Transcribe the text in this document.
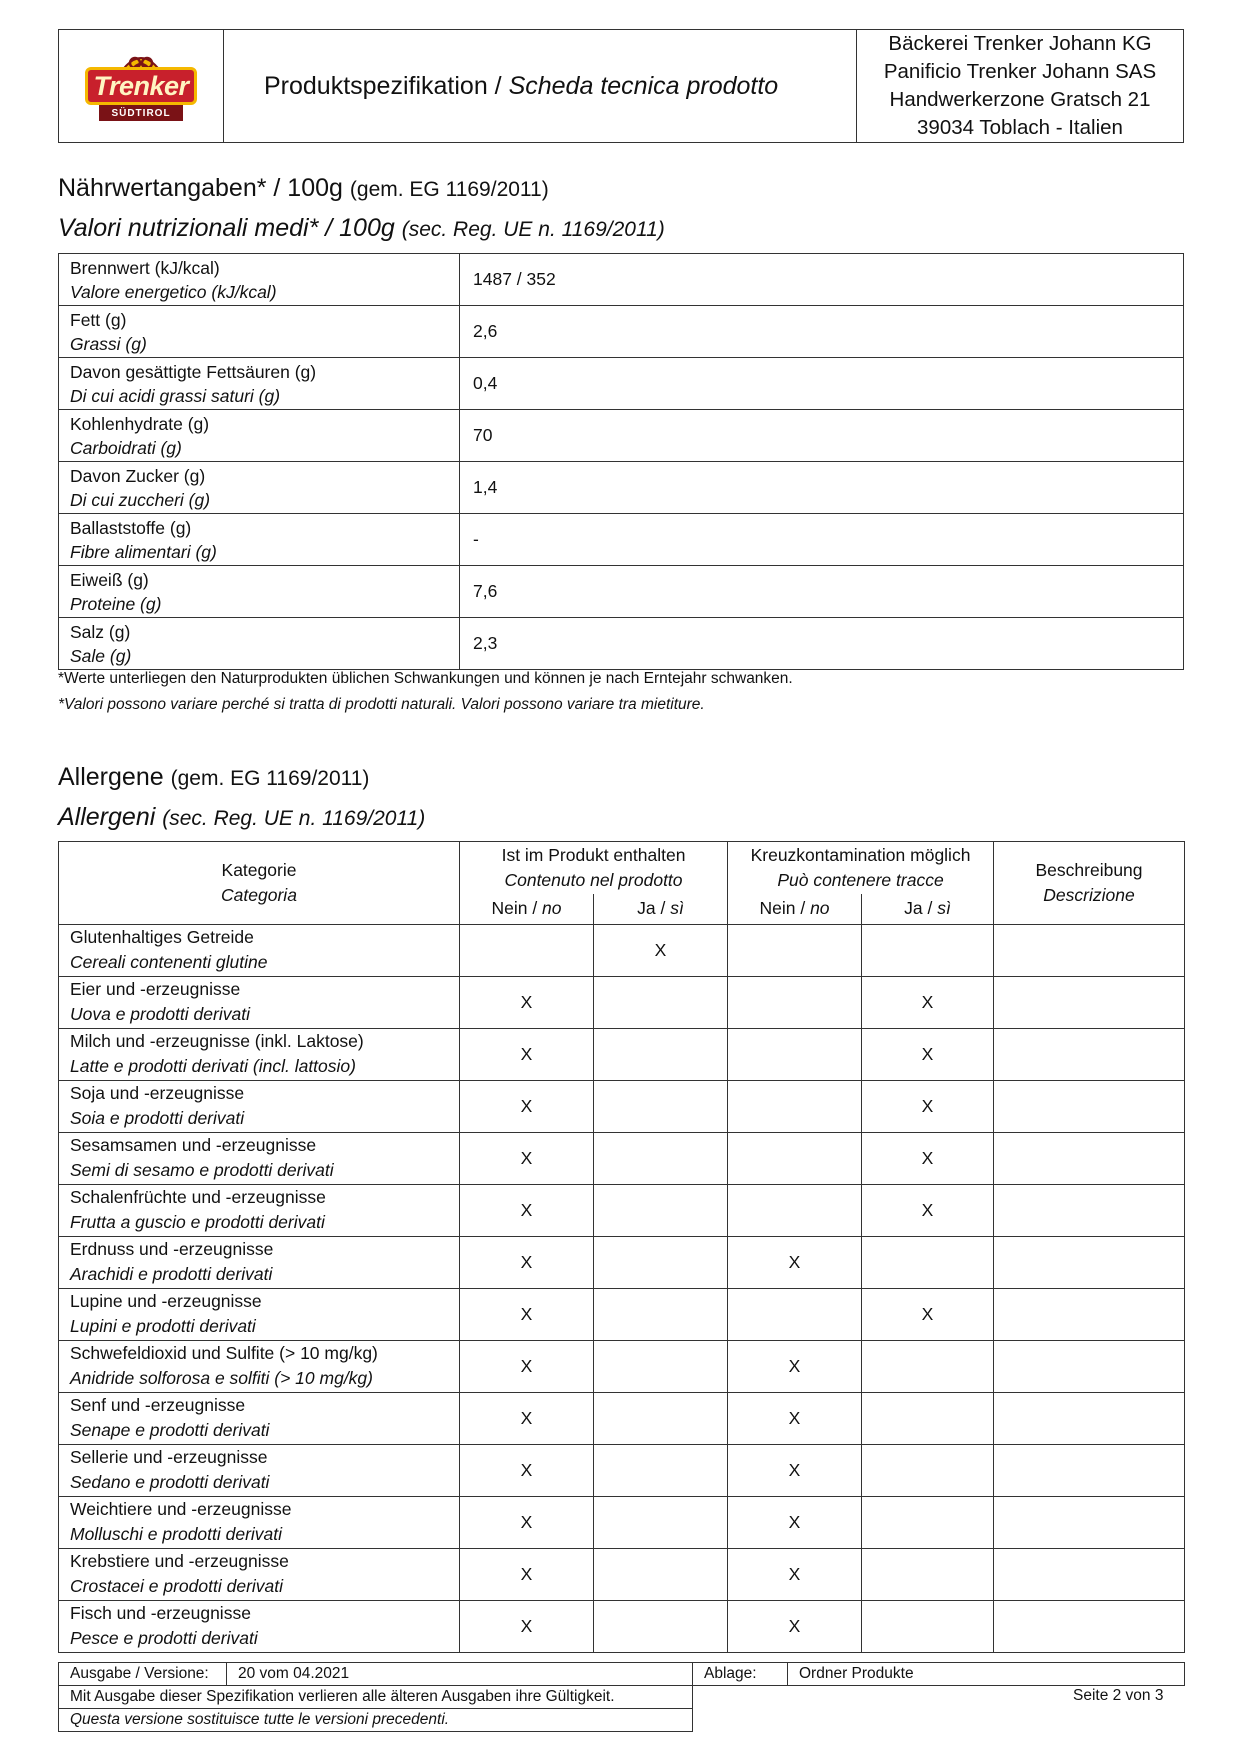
Trenker
SÜDTIROL
Produktspezifikation /
Scheda tecnica prodotto
Bäckerei Trenker Johann KG
Panificio Trenker Johann SAS
Handwerkerzone Gratsch 21
39034 Toblach - Italien
Nährwertangaben* / 100g (gem. EG 1169/2011)
Valori nutrizionali medi* / 100g (sec. Reg. UE n. 1169/2011)
Brennwert (kJ/kcal)
Valore energetico (kJ/kcal)	1487 / 352
Fett (g)
Grassi (g)	2,6
Davon gesättigte Fettsäuren (g)
Di cui acidi grassi saturi (g)	0,4
Kohlenhydrate (g)
Carboidrati (g)	70
Davon Zucker (g)
Di cui zuccheri (g)	1,4
Ballaststoffe (g)
Fibre alimentari (g)	-
Eiweiß (g)
Proteine (g)	7,6
Salz (g)
Sale (g)	2,3
*Werte unterliegen den Naturprodukten üblichen Schwankungen und können je nach Erntejahr schwanken.
*Valori possono variare perché si tratta di prodotti naturali. Valori possono variare tra mietiture.
Allergene (gem. EG 1169/2011)
Allergeni (sec. Reg. UE n. 1169/2011)
Kategorie
Categoria	Ist im Produkt enthalten
Contenuto nel prodotto		Kreuzkontamination möglich
Può contenere tracce		Beschreibung
Descrizione
	Nein / no	Ja / sì	Nein / no	Ja / sì	
Glutenhaltiges Getreide
Cereali contenenti glutine		X			
Eier und -erzeugnisse
Uova e prodotti derivati	X			X	
Milch und -erzeugnisse (inkl. Laktose)
Latte e prodotti derivati (incl. lattosio)	X			X	
Soja und -erzeugnisse
Soia e prodotti derivati	X			X	
Sesamsamen und -erzeugnisse
Semi di sesamo e prodotti derivati	X			X	
Schalenfrüchte und -erzeugnisse
Frutta a guscio e prodotti derivati	X			X	
Erdnuss und -erzeugnisse
Arachidi e prodotti derivati	X		X		
Lupine und -erzeugnisse
Lupini e prodotti derivati	X			X	
Schwefeldioxid und Sulfite (> 10 mg/kg)
Anidride solforosa e solfiti (> 10 mg/kg)	X		X		
Senf und -erzeugnisse
Senape e prodotti derivati	X		X		
Sellerie und -erzeugnisse
Sedano e prodotti derivati	X		X		
Weichtiere und -erzeugnisse
Molluschi e prodotti derivati	X		X		
Krebstiere und -erzeugnisse
Crostacei e prodotti derivati	X		X		
Fisch und -erzeugnisse
Pesce e prodotti derivati	X		X		
Ausgabe / Versione:	20 vom 04.2021	Ablage:	Ordner Produkte
Mit Ausgabe dieser Spezifikation verlieren alle älteren Ausgaben ihre Gültigkeit.
Questa versione sostituisce tutte le versioni precedenti.
Seite 2 von 3
